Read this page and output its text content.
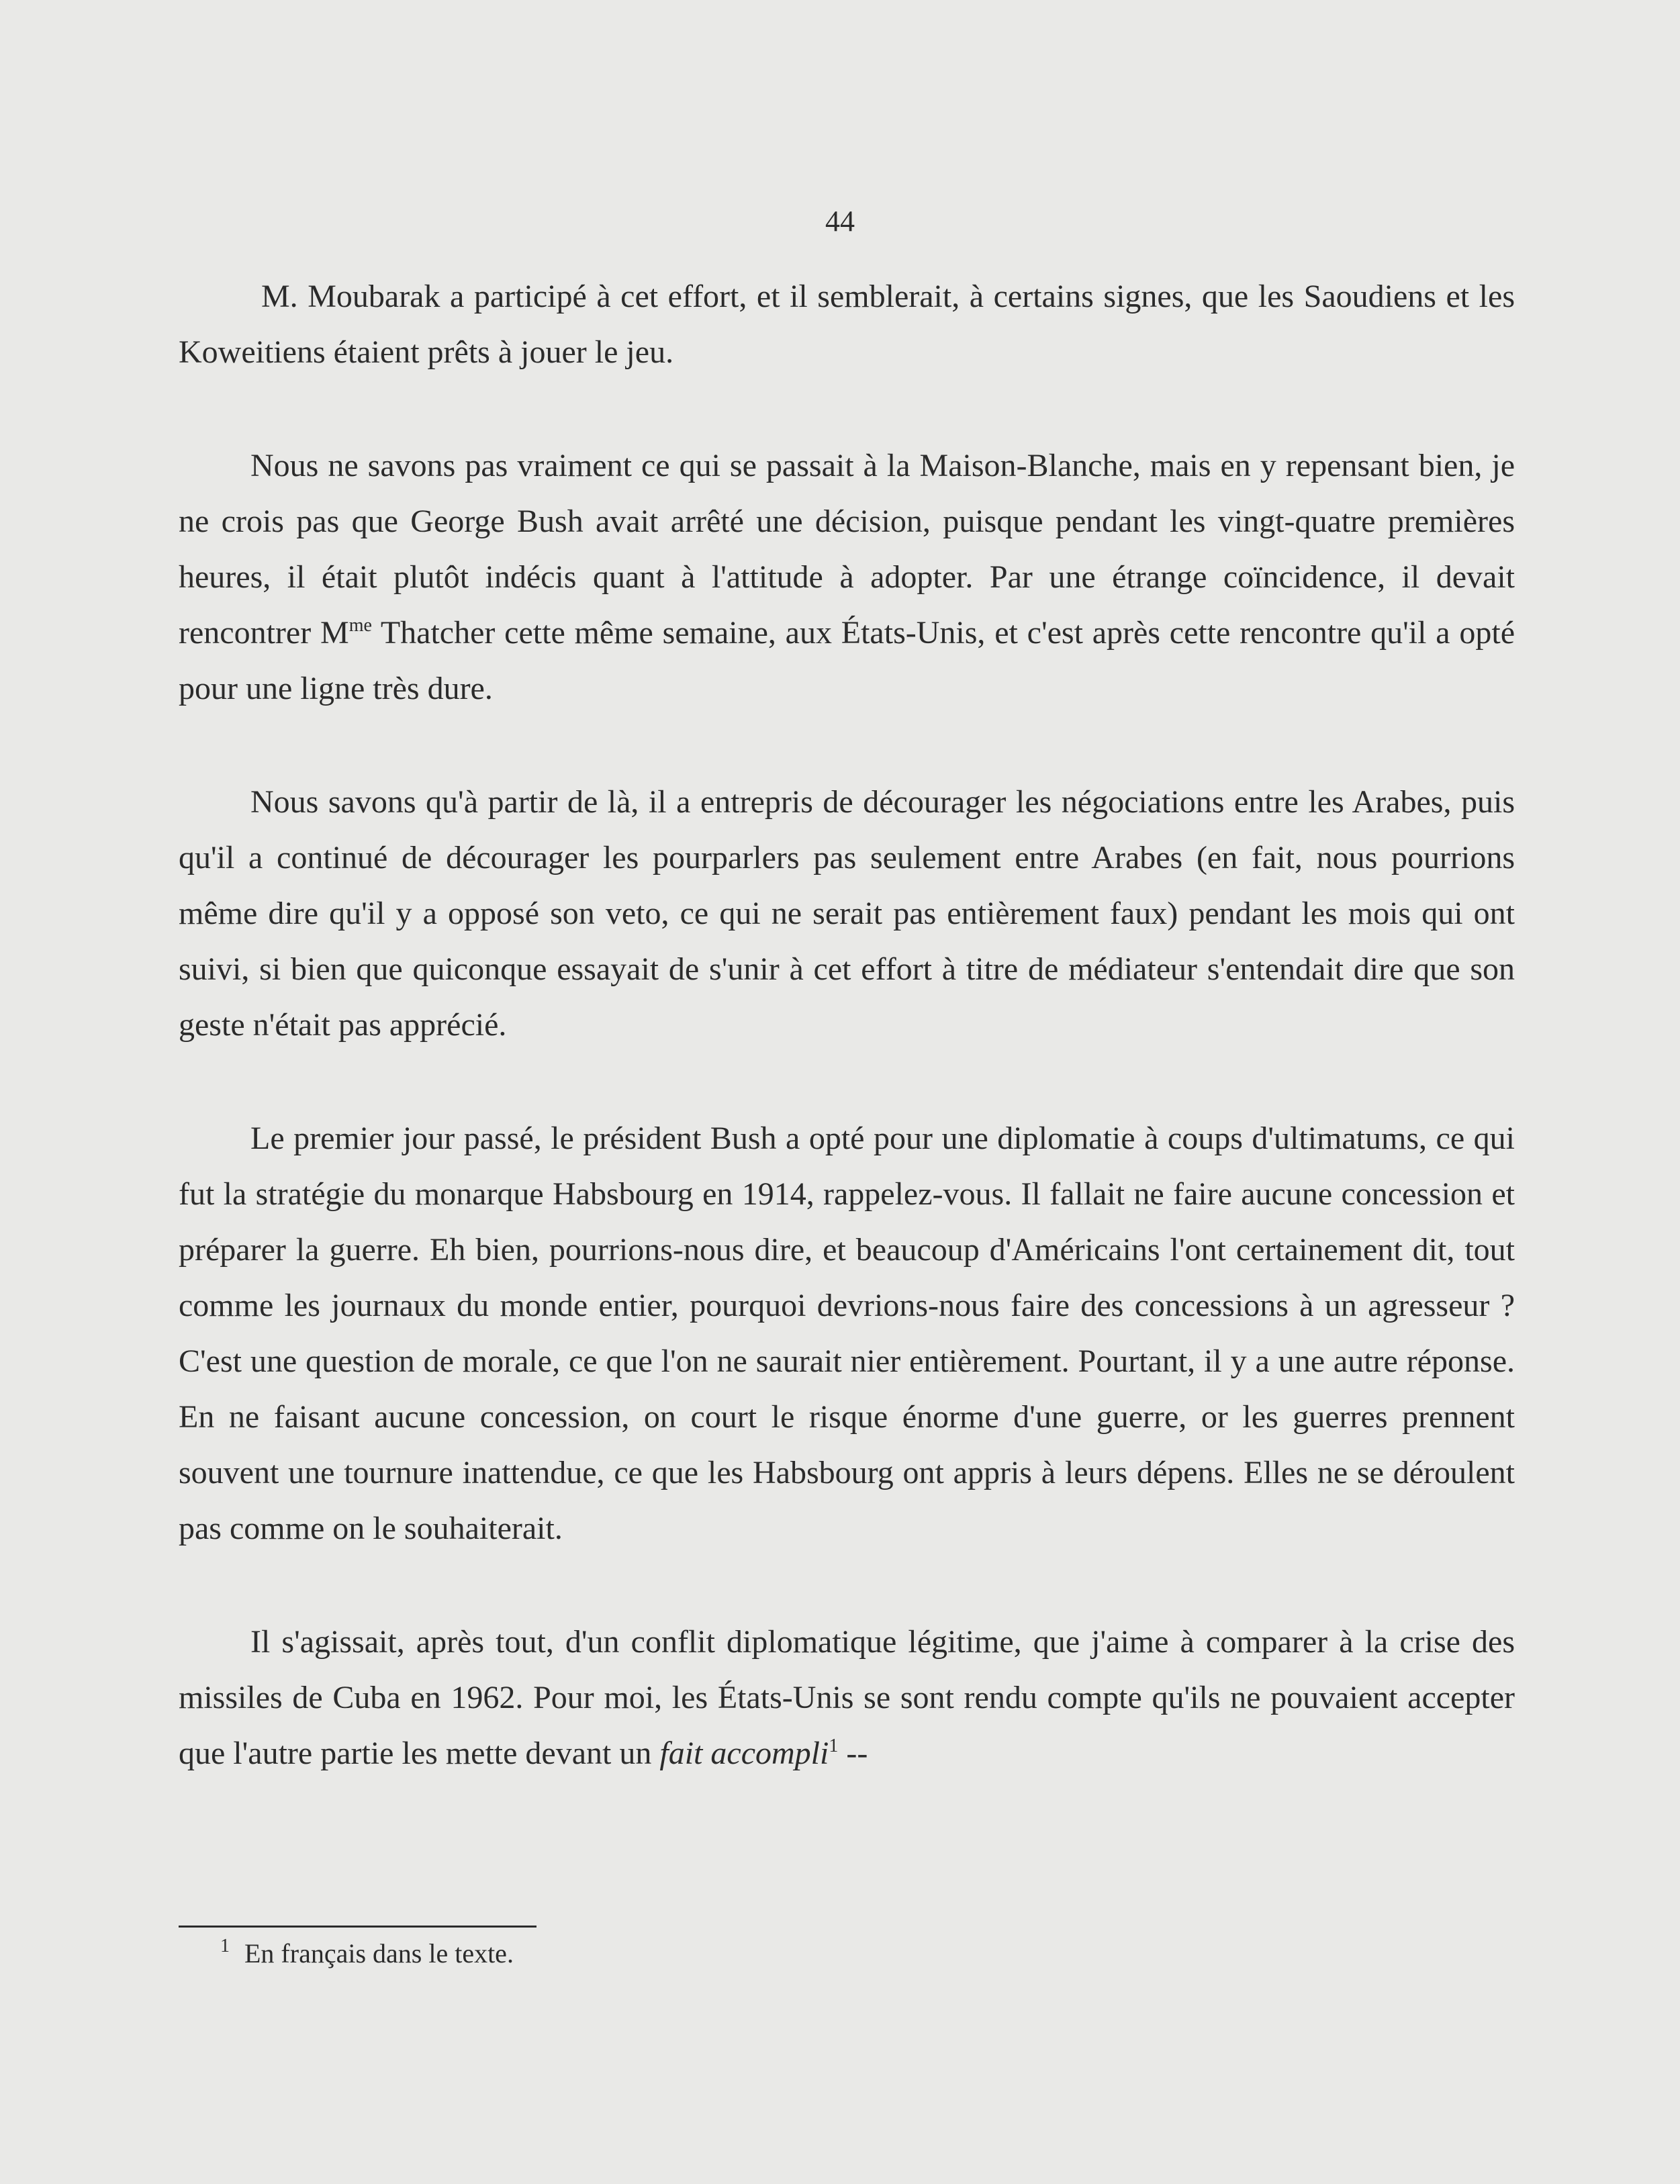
44

M. Moubarak a participé à cet effort, et il semblerait, à certains signes, que les Saoudiens et les Koweitiens étaient prêts à jouer le jeu.

Nous ne savons pas vraiment ce qui se passait à la Maison-Blanche, mais en y repensant bien, je ne crois pas que George Bush avait arrêté une décision, puisque pendant les vingt-quatre premières heures, il était plutôt indécis quant à l'attitude à adopter. Par une étrange coïncidence, il devait rencontrer $M^{me}$ Thatcher cette même semaine, aux États-Unis, et c'est après cette rencontre qu'il a opté pour une ligne très dure.

Nous savons qu'à partir de là, il a entrepris de décourager les négociations entre les Arabes, puis qu'il a continué de décourager les pourparlers pas seulement entre Arabes (en fait, nous pourrions même dire qu'il y a opposé son veto, ce qui ne serait pas entièrement faux) pendant les mois qui ont suivi, si bien que quiconque essayait de s'unir à cet effort à titre de médiateur s'entendait dire que son geste n'était pas apprécié.

Le premier jour passé, le président Bush a opté pour une diplomatie à coups d'ultimatums, ce qui fut la stratégie du monarque Habsbourg en 1914, rappelez-vous. Il fallait ne faire aucune concession et préparer la guerre. Eh bien, pourrions-nous dire, et beaucoup d'Américains l'ont certainement dit, tout comme les journaux du monde entier, pourquoi devrions-nous faire des concessions à un agresseur ? C'est une question de morale, ce que l'on ne saurait nier entièrement. Pourtant, il y a une autre réponse. En ne faisant aucune concession, on court le risque énorme d'une guerre, or les guerres prennent souvent une tournure inattendue, ce que les Habsbourg ont appris à leurs dépens. Elles ne se déroulent pas comme on le souhaiterait.

Il s'agissait, après tout, d'un conflit diplomatique légitime, que j'aime à comparer à la crise des missiles de Cuba en 1962. Pour moi, les États-Unis se sont rendu compte qu'ils ne pouvaient accepter que l'autre partie les mette devant un fait accompli$^1$ --

$^1$ En français dans le texte.
